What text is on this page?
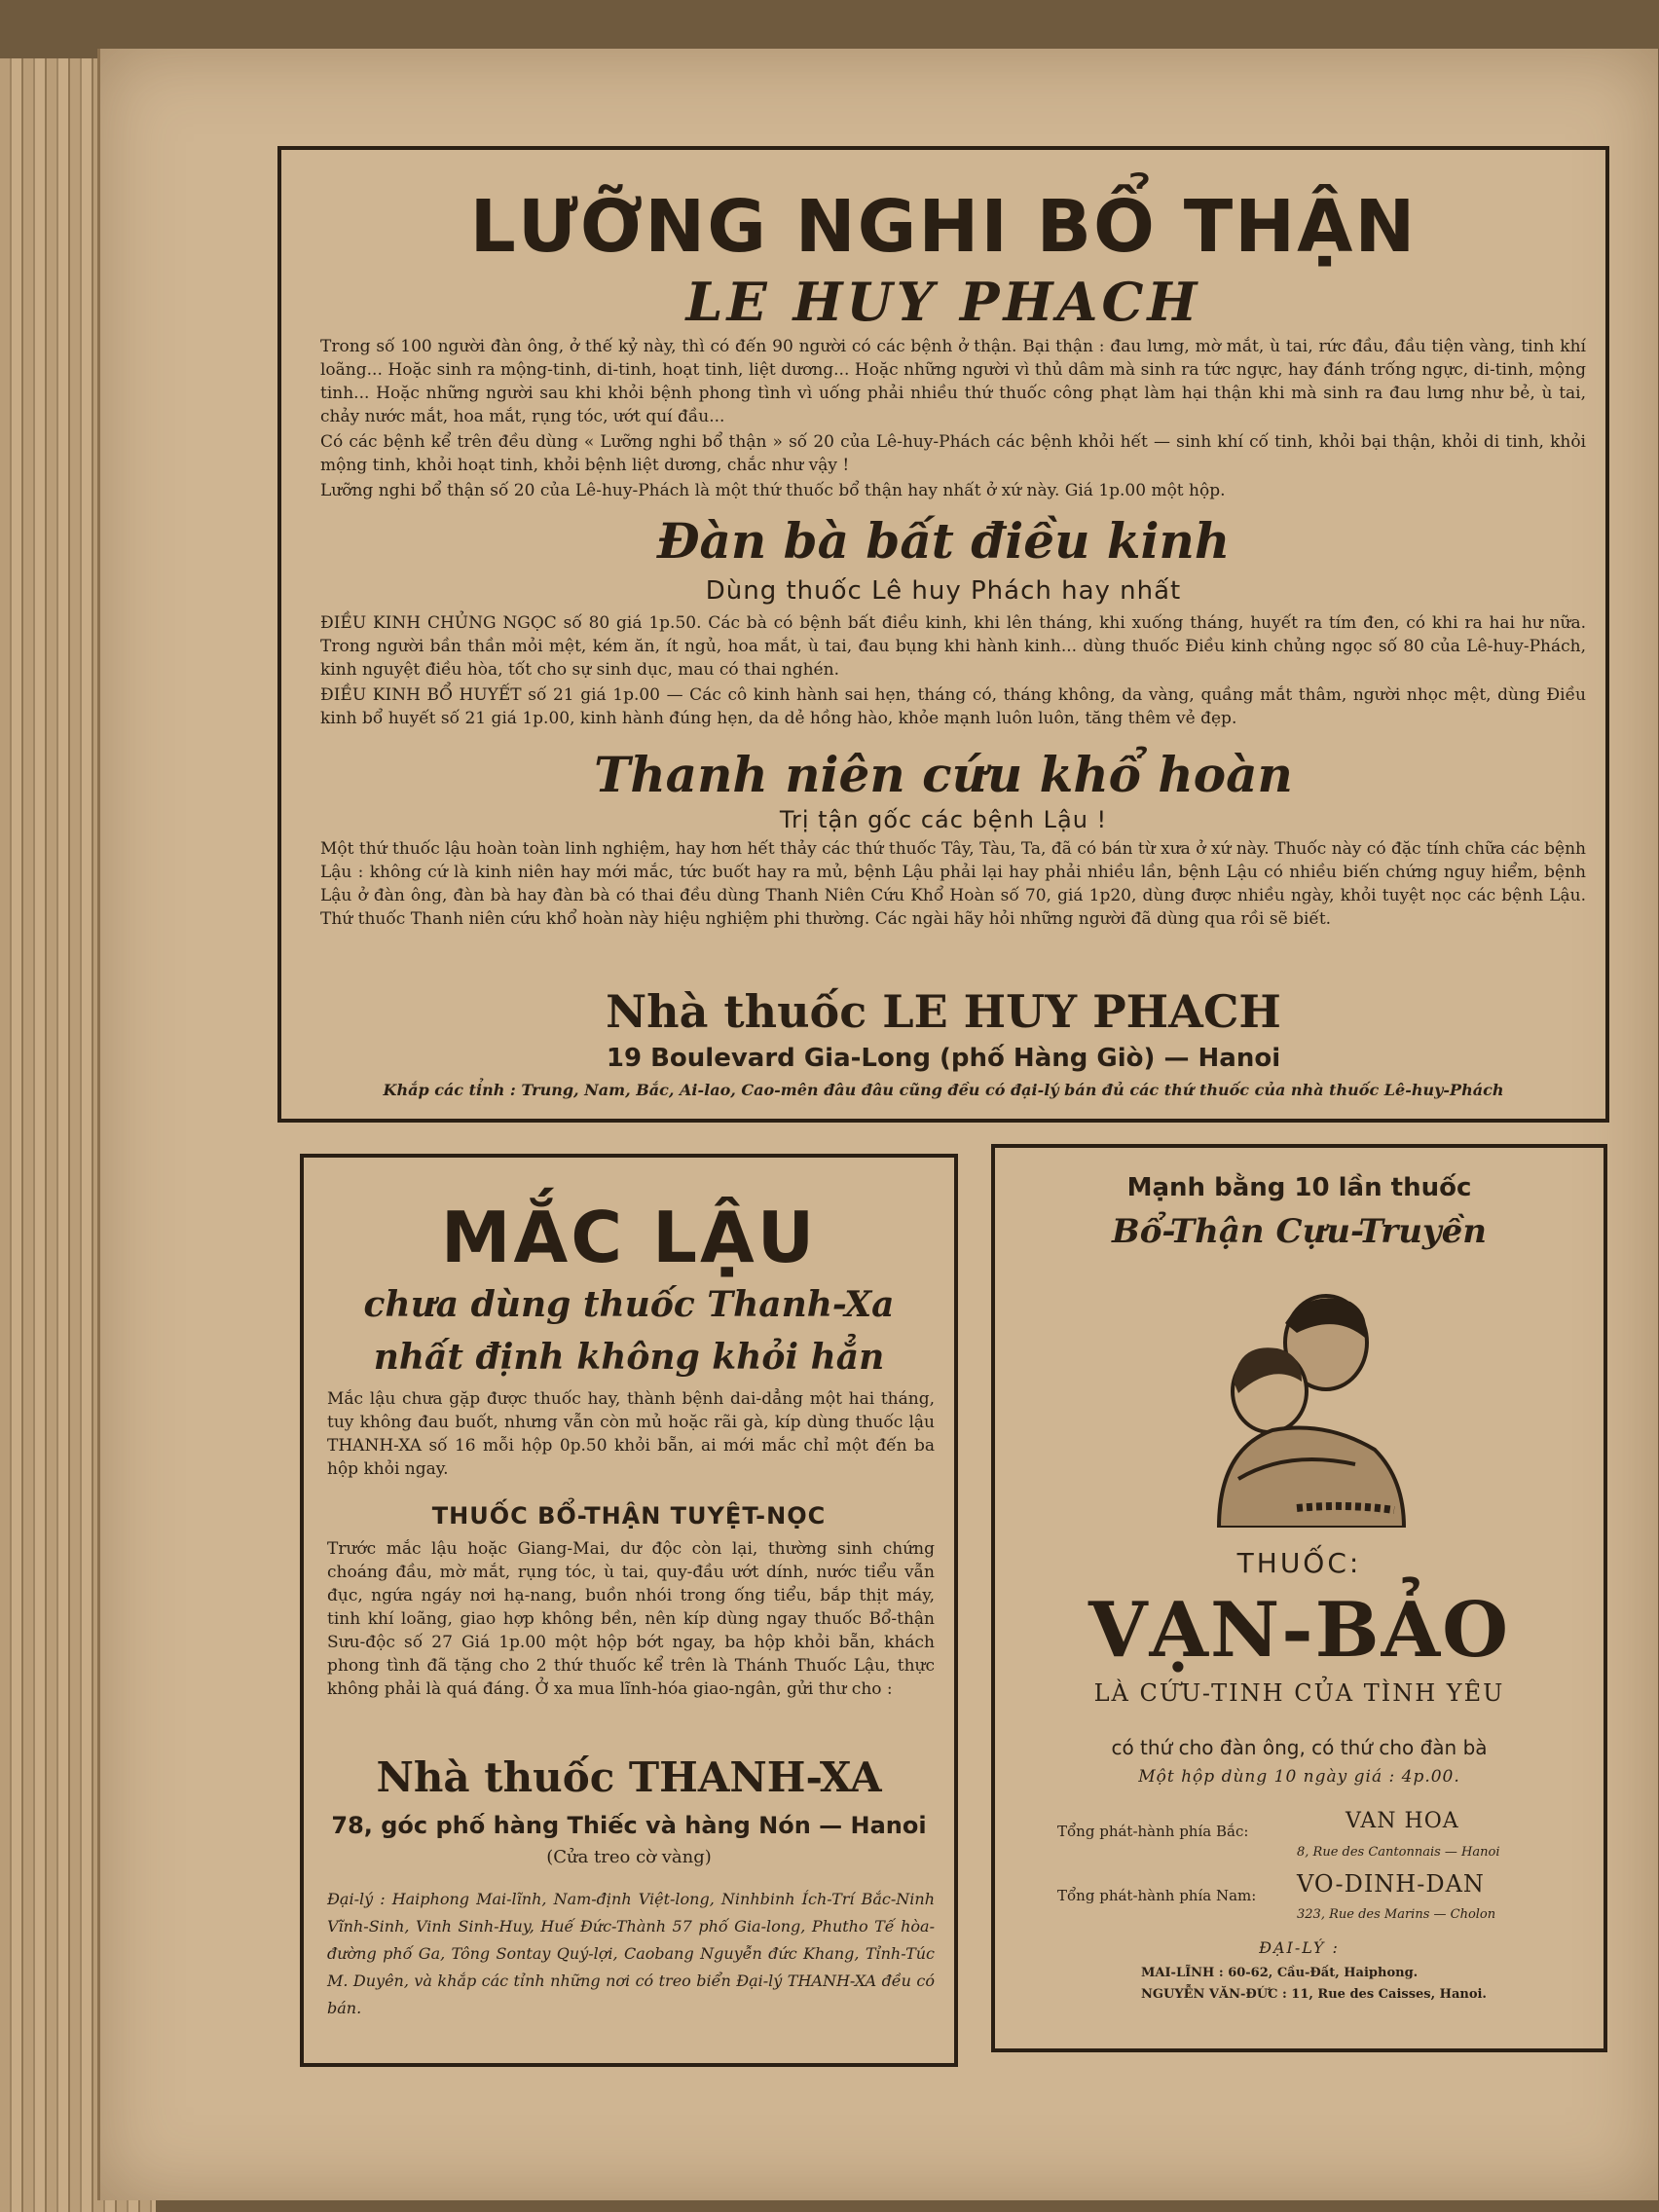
LƯỠNG NGHI BỔ THẬN
LE HUY PHACH
Trong số 100 người đàn ông, ở thế kỷ này, thì có đến 90 người có các bệnh ở thận. Bại thận : đau lưng, mờ mắt, ù tai, rức đầu, đầu tiện vàng, tinh khí loãng... Hoặc sinh ra mộng-tinh, di-tinh, hoạt tinh, liệt dương... Hoặc những người vì thủ dâm mà sinh ra tức ngực, hay đánh trống ngực, di-tinh, mộng tinh... Hoặc những người sau khi khỏi bệnh phong tình vì uống phải nhiều thứ thuốc công phạt làm hại thận khi mà sinh ra đau lưng như bẻ, ù tai, chảy nước mắt, hoa mắt, rụng tóc, ướt quí đầu...
Có các bệnh kể trên đều dùng « Lưỡng nghi bổ thận » số 20 của Lê-huy-Phách các bệnh khỏi hết — sinh khí cố tinh, khỏi bại thận, khỏi di tinh, khỏi mộng tinh, khỏi hoạt tinh, khỏi bệnh liệt dương, chắc như vậy !
Lưỡng nghi bổ thận số 20 của Lê-huy-Phách là một thứ thuốc bổ thận hay nhất ở xứ này. Giá 1p.00 một hộp.
Đàn bà bất điều kinh
Dùng thuốc Lê huy Phách hay nhất
ĐIỀU KINH CHỦNG NGỌC số 80 giá 1p.50. Các bà có bệnh bất điều kinh, khi lên tháng, khi xuống tháng, huyết ra tím đen, có khi ra hai hư nữa. Trong người bần thần mỏi mệt, kém ăn, ít ngủ, hoa mắt, ù tai, đau bụng khi hành kinh... dùng thuốc Điều kinh chủng ngọc số 80 của Lê-huy-Phách, kinh nguyệt điều hòa, tốt cho sự sinh dục, mau có thai nghén.
ĐIỀU KINH BỔ HUYẾT số 21 giá 1p.00 — Các cô kinh hành sai hẹn, tháng có, tháng không, da vàng, quầng mắt thâm, người nhọc mệt, dùng Điều kinh bổ huyết số 21 giá 1p.00, kinh hành đúng hẹn, da dẻ hồng hào, khỏe mạnh luôn luôn, tăng thêm vẻ đẹp.
Thanh niên cứu khổ hoàn
Trị tận gốc các bệnh Lậu !
Một thứ thuốc lậu hoàn toàn linh nghiệm, hay hơn hết thảy các thứ thuốc Tây, Tàu, Ta, đã có bán từ xưa ở xứ này. Thuốc này có đặc tính chữa các bệnh Lậu : không cứ là kinh niên hay mới mắc, tức buốt hay ra mủ, bệnh Lậu phải lại hay phải nhiều lần, bệnh Lậu có nhiều biến chứng nguy hiểm, bệnh Lậu ở đàn ông, đàn bà hay đàn bà có thai đều dùng Thanh Niên Cứu Khổ Hoàn số 70, giá 1p20, dùng được nhiều ngày, khỏi tuyệt nọc các bệnh Lậu. Thứ thuốc Thanh niên cứu khổ hoàn này hiệu nghiệm phi thường. Các ngài hãy hỏi những người đã dùng qua rồi sẽ biết.
Nhà thuốc LE HUY PHACH
19 Boulevard Gia-Long (phố Hàng Giò) — Hanoi
Khắp các tỉnh : Trung, Nam, Bắc, Ai-lao, Cao-mên đâu đâu cũng đều có đại-lý bán đủ các thứ thuốc của nhà thuốc Lê-huy-Phách
MẮC LẬU
chưa dùng thuốc Thanh-Xa
nhất định không khỏi hẳn
Mắc lậu chưa gặp được thuốc hay, thành bệnh dai-dẳng một hai tháng, tuy không đau buốt, nhưng vẫn còn mủ hoặc rãi gà, kíp dùng thuốc lậu THANH-XA số 16 mỗi hộp 0p.50 khỏi bẵn, ai mới mắc chỉ một đến ba hộp khỏi ngay.
THUỐC BỔ-THẬN TUYỆT-NỌC
Trước mắc lậu hoặc Giang-Mai, dư độc còn lại, thường sinh chứng choáng đầu, mờ mắt, rụng tóc, ù tai, quy-đầu ướt dính, nước tiểu vẫn đục, ngứa ngáy nơi hạ-nang, buồn nhói trong ống tiểu, bắp thịt máy, tinh khí loãng, giao hợp không bền, nên kíp dùng ngay thuốc Bổ-thận Sưu-độc số 27 Giá 1p.00 một hộp bớt ngay, ba hộp khỏi bẵn, khách phong tình đã tặng cho 2 thứ thuốc kể trên là Thánh Thuốc Lậu, thực không phải là quá đáng. Ở xa mua lĩnh-hóa giao-ngân, gửi thư cho :
Nhà thuốc THANH-XA
78, góc phố hàng Thiếc và hàng Nón — Hanoi
(Cửa treo cờ vàng)
Đại-lý : Haiphong Mai-lĩnh, Nam-định Việt-long, Ninhbinh Ích-Trí Bắc-Ninh Vĩnh-Sinh, Vinh Sinh-Huy, Huế Đức-Thành 57 phố Gia-long, Phutho Tế hòa-đường phố Ga, Tông Sontay Quý-lợi, Caobang Nguyễn đức Khang, Tỉnh-Túc M. Duyên, và khắp các tỉnh những nơi có treo biển Đại-lý THANH-XA đều có bán.
Mạnh bằng 10 lần thuốc
Bổ-Thận Cựu-Truyền
THUỐC:
VẠN-BẢO
LÀ CỨU-TINH CỦA TÌNH YÊU
có thứ cho đàn ông, có thứ cho đàn bà
Một hộp dùng 10 ngày giá : 4p.00.
Tổng phát-hành phía Bắc:	VAN HOA
8, Rue des Cantonnais — Hanoi
Tổng phát-hành phía Nam: VO-DINH-DAN
323, Rue des Marins — Cholon
ĐẠI-LÝ :
MAI-LĨNH : 60-62, Cầu-Đất, Haiphong.
NGUYỄN VĂN-ĐỨC : 11, Rue des Caisses, Hanoi.
